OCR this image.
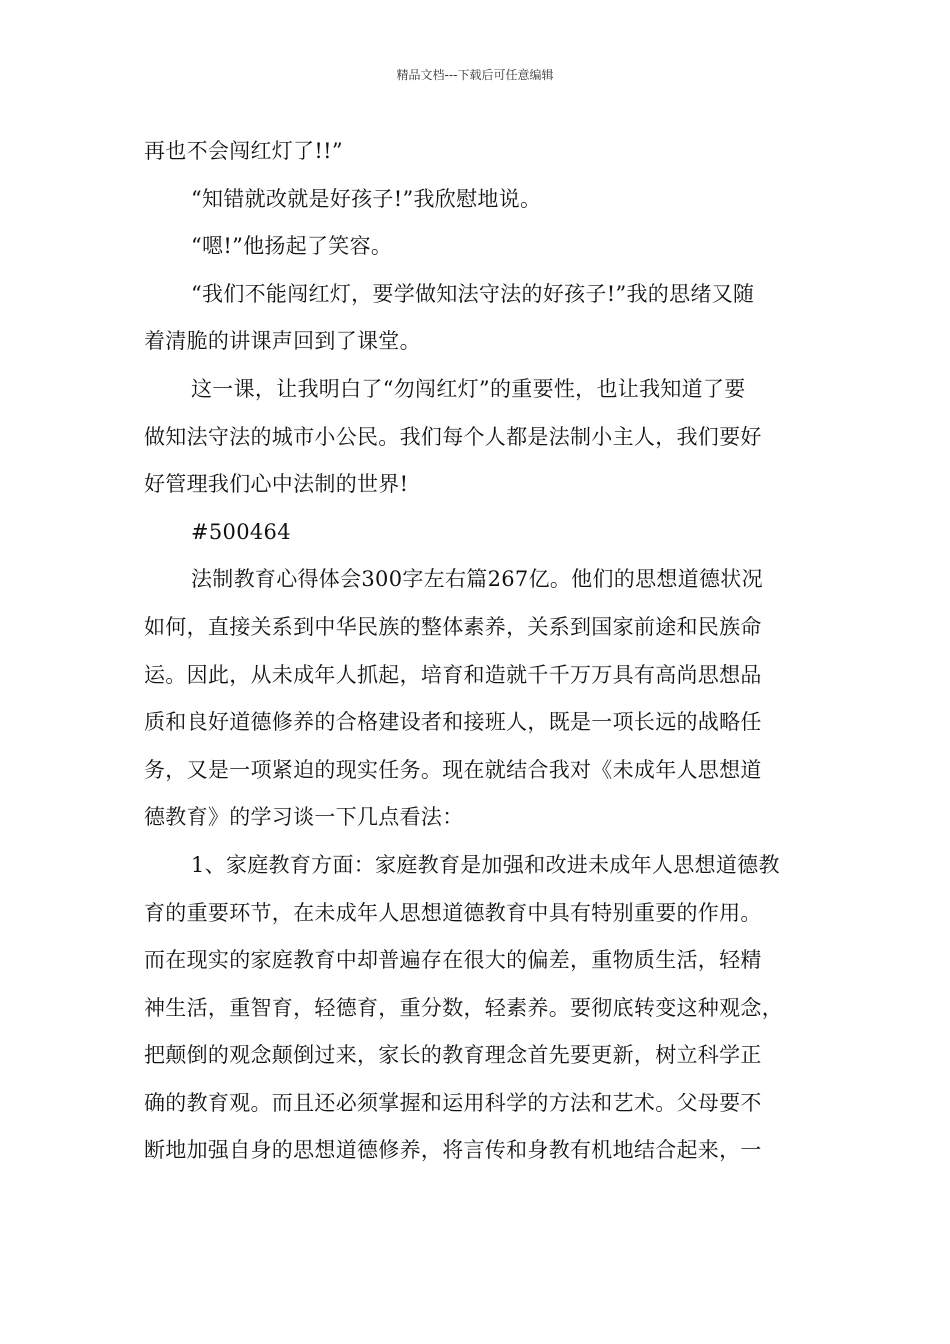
精品文档---下载后可任意编辑
再也不会闯红灯了!!”
“知错就改就是好孩子!”我欣慰地说。
“嗯!”他扬起了笑容。
“我们不能闯红灯，要学做知法守法的好孩子!”我的思绪又随
着清脆的讲课声回到了课堂。
这一课，让我明白了“勿闯红灯”的重要性，也让我知道了要
做知法守法的城市小公民。我们每个人都是法制小主人，我们要好
好管理我们心中法制的世界!
#500464
法制教育心得体会300字左右篇267亿。他们的思想道德状况
如何，直接关系到中华民族的整体素养，关系到国家前途和民族命
运。因此，从未成年人抓起，培育和造就千千万万具有高尚思想品
质和良好道德修养的合格建设者和接班人，既是一项长远的战略任
务，又是一项紧迫的现实任务。现在就结合我对《未成年人思想道
德教育》的学习谈一下几点看法：
1、家庭教育方面：家庭教育是加强和改进未成年人思想道德教
育的重要环节，在未成年人思想道德教育中具有特别重要的作用。
而在现实的家庭教育中却普遍存在很大的偏差，重物质生活，轻精
神生活，重智育，轻德育，重分数，轻素养。要彻底转变这种观念，
把颠倒的观念颠倒过来，家长的教育理念首先要更新，树立科学正
确的教育观。而且还必须掌握和运用科学的方法和艺术。父母要不
断地加强自身的思想道德修养，将言传和身教有机地结合起来，一
